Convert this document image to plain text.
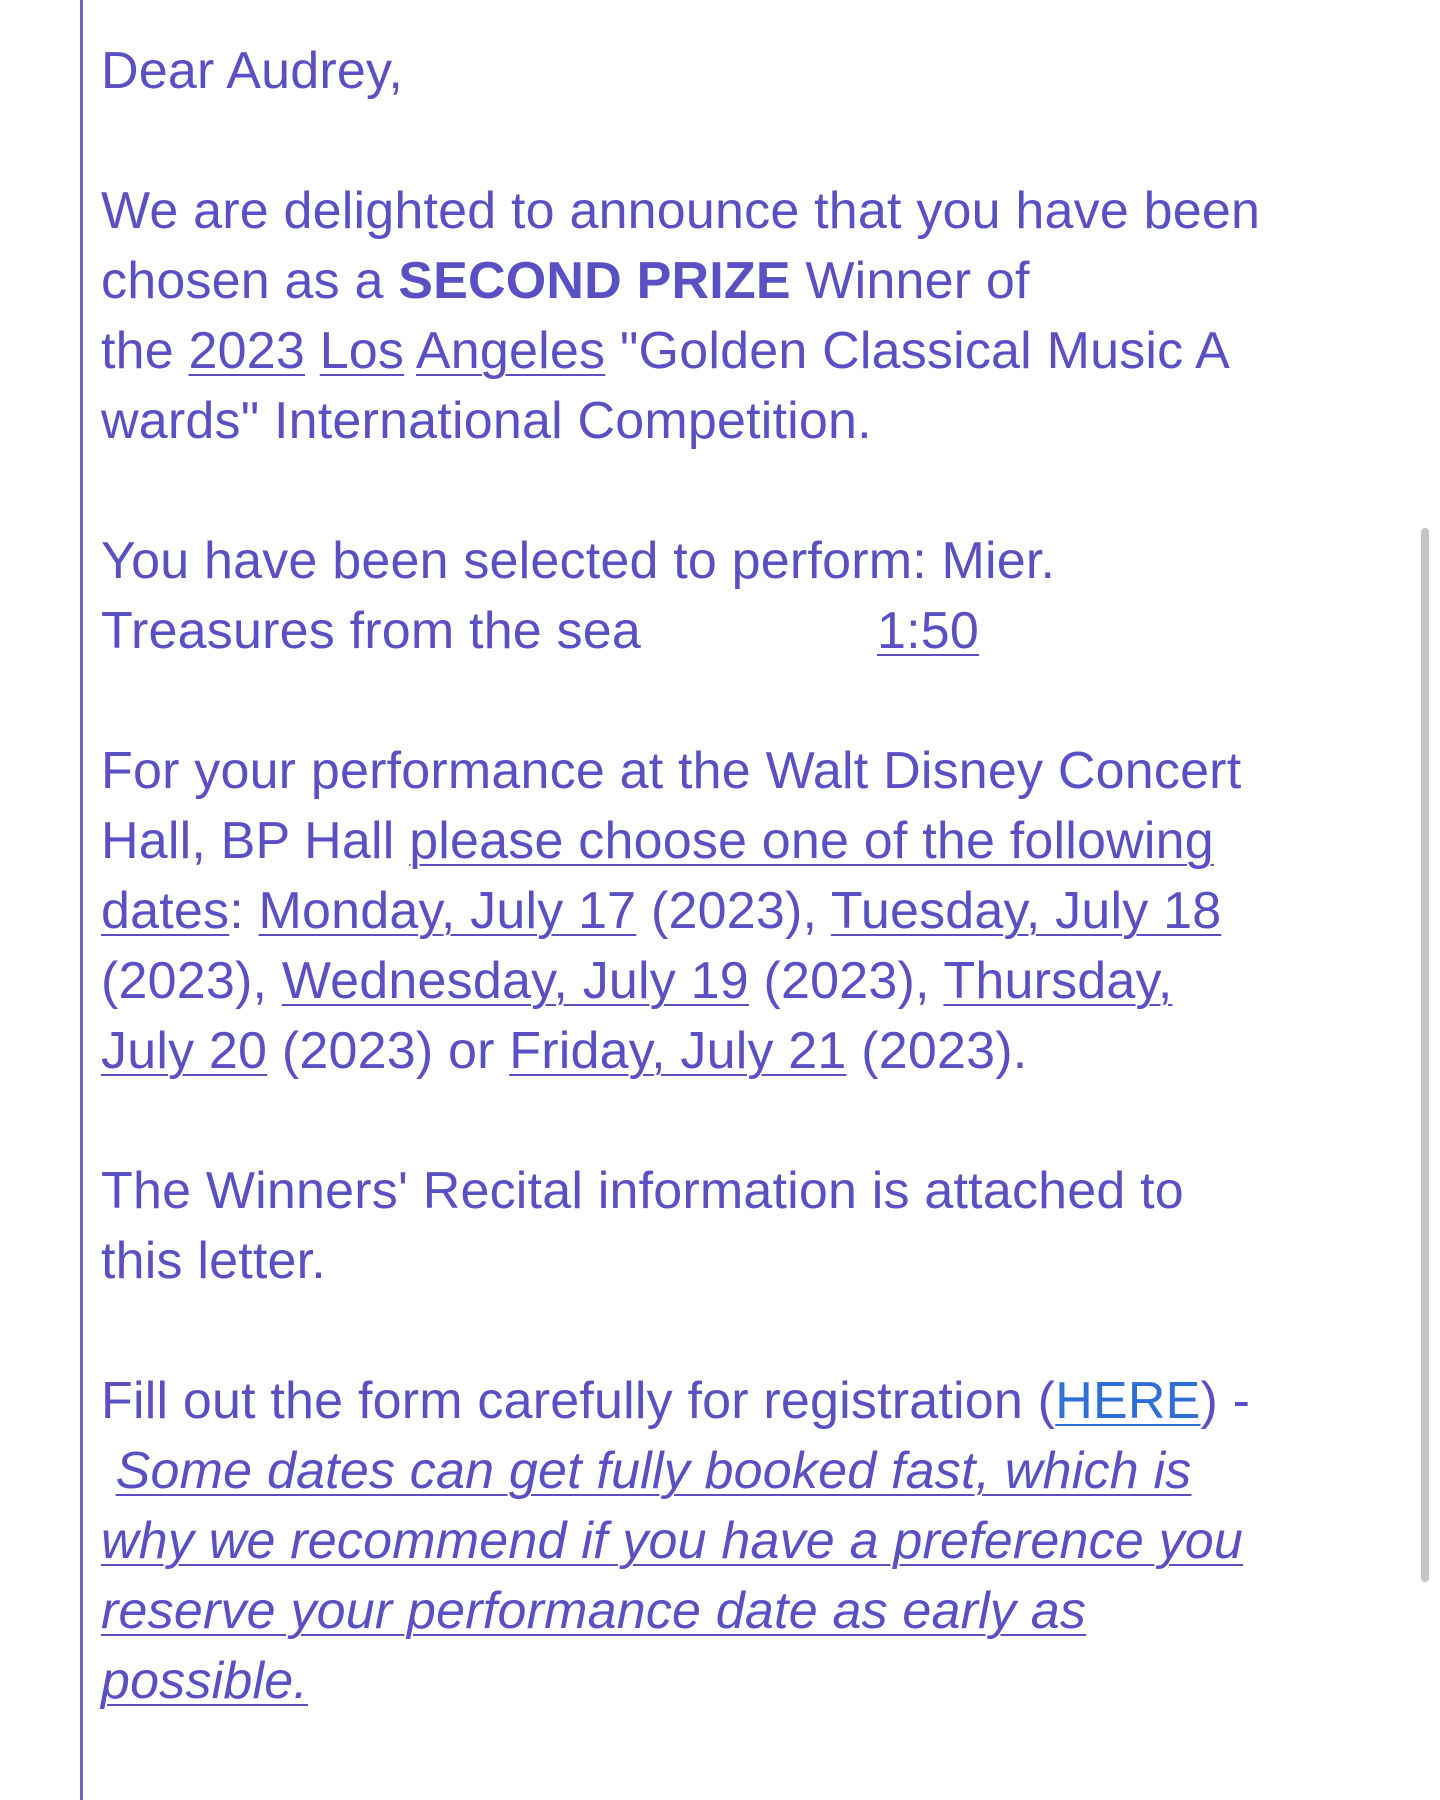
Dear Audrey,
We are delighted to announce that you have been
chosen as a SECOND PRIZE Winner of
the 2023 Los Angeles "Golden Classical Music A
wards" International Competition.
You have been selected to perform: Mier.
Treasures from the sea	1:50
For your performance at the Walt Disney Concert
Hall, BP Hall please choose one of the following
dates: Monday, July 17 (2023), Tuesday, July 18
(2023), Wednesday, July 19 (2023), Thursday,
July 20 (2023) or Friday, July 21 (2023).
The Winners' Recital information is attached to
this letter.
Fill out the form carefully for registration (HERE) -
Some dates can get fully booked fast, which is
why we recommend if you have a preference you
reserve your performance date as early as
possible.
